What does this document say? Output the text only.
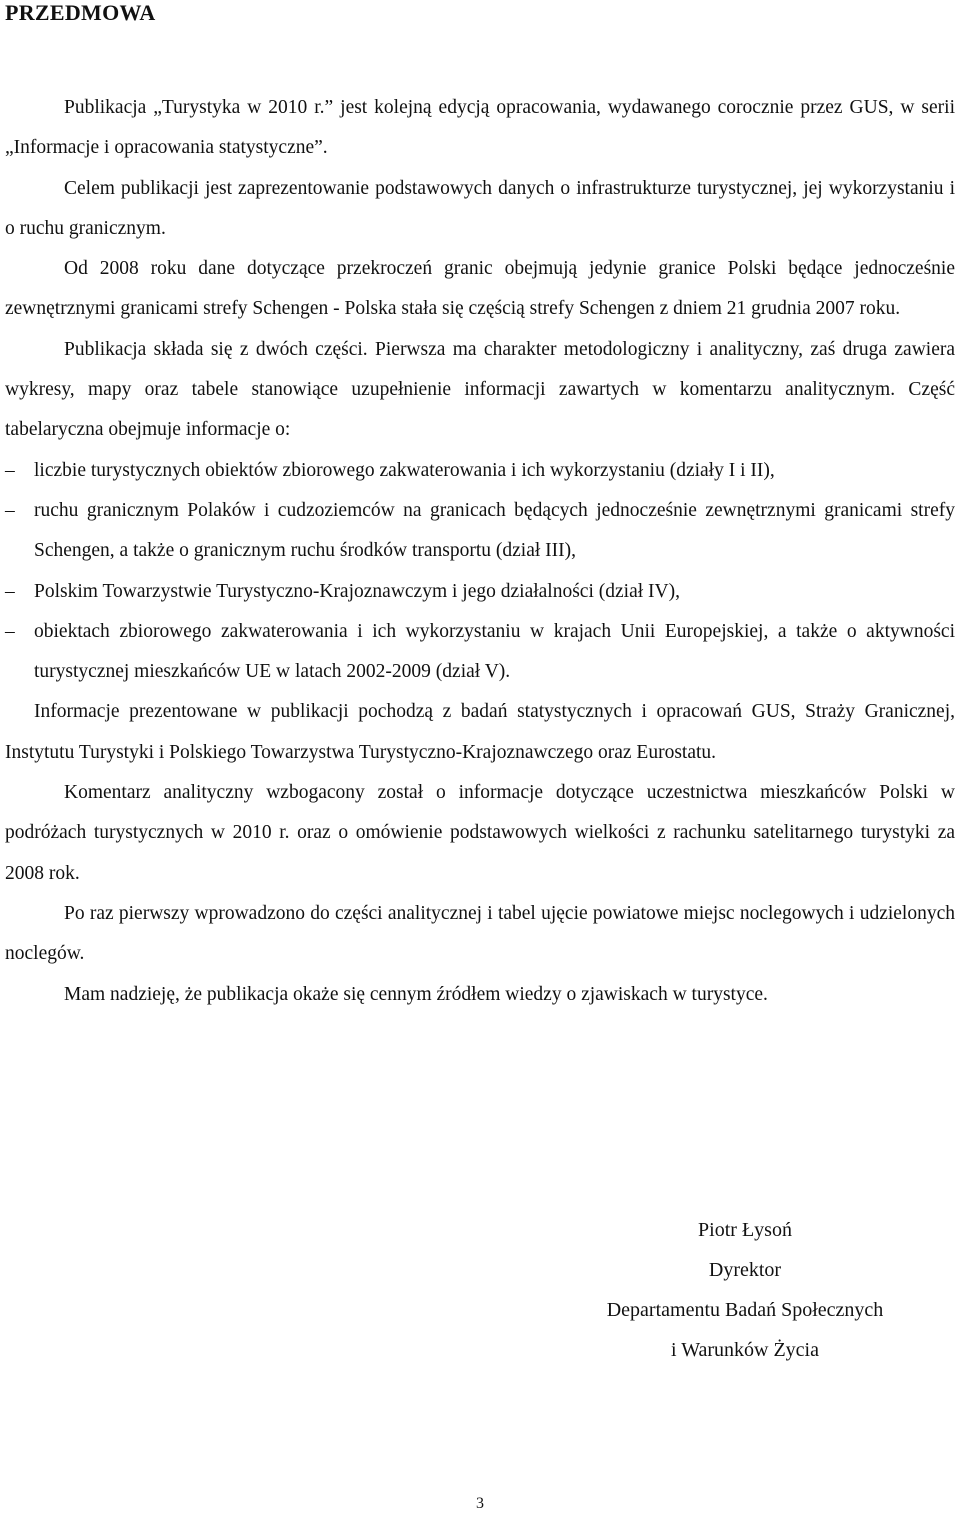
PRZEDMOWA

Publikacja „Turystyka w 2010 r.” jest kolejną edycją opracowania, wydawanego corocznie przez GUS, w serii „Informacje i opracowania statystyczne”.

Celem publikacji jest zaprezentowanie podstawowych danych o infrastrukturze turystycznej, jej wykorzystaniu i o ruchu granicznym.

Od 2008 roku dane dotyczące przekroczeń granic obejmują jedynie granice Polski będące jednocześnie zewnętrznymi granicami strefy Schengen - Polska stała się częścią strefy Schengen z dniem 21 grudnia 2007 roku.

Publikacja składa się z dwóch części. Pierwsza ma charakter metodologiczny i analityczny, zaś druga zawiera wykresy, mapy oraz tabele stanowiące uzupełnienie informacji zawartych w komentarzu analitycznym. Część tabelaryczna obejmuje informacje o:

– liczbie turystycznych obiektów zbiorowego zakwaterowania i ich wykorzystaniu (działy I i II),
– ruchu granicznym Polaków i cudzoziemców na granicach będących jednocześnie zewnętrznymi granicami strefy Schengen, a także o granicznym ruchu środków transportu (dział III),
– Polskim Towarzystwie Turystyczno-Krajoznawczym i jego działalności (dział IV),
– obiektach zbiorowego zakwaterowania i ich wykorzystaniu w krajach Unii Europejskiej, a także o aktywności turystycznej mieszkańców UE w latach 2002-2009 (dział V).

Informacje prezentowane w publikacji pochodzą z badań statystycznych i opracowań GUS, Straży Granicznej, Instytutu Turystyki i Polskiego Towarzystwa Turystyczno-Krajoznawczego oraz Eurostatu.

Komentarz analityczny wzbogacony został o informacje dotyczące uczestnictwa mieszkańców Polski w podróżach turystycznych w 2010 r. oraz o omówienie podstawowych wielkości z rachunku satelitarnego turystyki za 2008 rok.

Po raz pierwszy wprowadzono do części analitycznej i tabel ujęcie powiatowe miejsc noclegowych i udzielonych noclegów.

Mam nadzieję, że publikacja okaże się cennym źródłem wiedzy o zjawiskach w turystyce.

Piotr Łysoń
Dyrektor
Departamentu Badań Społecznych
i Warunków Życia
3
